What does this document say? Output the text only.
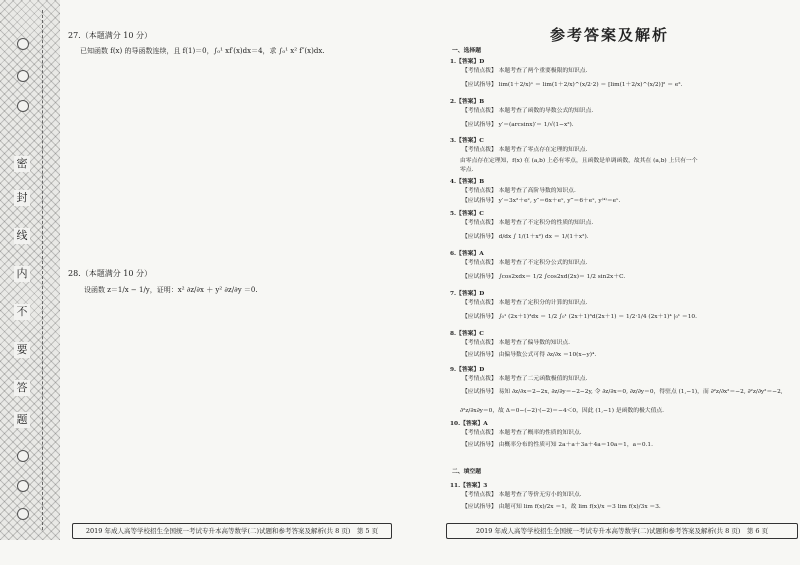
密
封
线
内
不
要
答
题
27.（本题满分 10 分）
已知函数 f(x) 的导函数连续，且 f(1)＝0，∫₀¹ xf′(x)dx＝4，求 ∫₀¹ x² f″(x)dx.
28.（本题满分 10 分）
设函数 z＝1/x − 1/y，证明：x² ∂z/∂x ＋ y² ∂z/∂y ＝0.
2019 年成人高等学校招生全国统一考试专升本高等数学(二)试题和参考答案及解析(共 8 页)　第 5 页
参考答案及解析
一、选择题
1.【答案】D
【考情点拨】 本题考查了两个重要极限的知识点.
【应试指导】 lim(1＋2/x)ˣ ＝ lim(1＋2/x)^(x/2·2) ＝ [lim(1＋2/x)^(x/2)]² ＝ e².
2.【答案】B
【考情点拨】 本题考查了函数的导数公式的知识点.
【应试指导】 y′＝(arcsinx)′＝ 1/√(1−x²).
3.【答案】C
【考情点拨】 本题考查了零点存在定理的知识点.
由零点存在定理知，f(x) 在 (a,b) 上必有零点，且函数是单调函数，故其在 (a,b) 上只有一个
零点.
4.【答案】B
【考情点拨】 本题考查了高阶导数的知识点.
【应试指导】 y′＝3x²＋eˣ, y″＝6x＋eˣ, y‴＝6＋eˣ, y⁽⁴⁾＝eˣ.
5.【答案】C
【考情点拨】 本题考查了不定积分的性质的知识点.
【应试指导】 d/dx ∫ 1/(1＋x²) dx ＝ 1/(1＋x²).
6.【答案】A
【考情点拨】 本题考查了不定积分公式的知识点.
【应试指导】 ∫cos2xdx＝ 1/2 ∫cos2xd(2x)＝ 1/2 sin2x＋C.
7.【答案】D
【考情点拨】 本题考查了定积分的计算的知识点.
【应试指导】 ∫₀¹ (2x＋1)³dx ＝ 1/2 ∫₀¹ (2x＋1)³d(2x＋1) ＝ 1/2·1/4 (2x＋1)⁴ |₀¹ ＝10.
8.【答案】C
【考情点拨】 本题考查了偏导数的知识点.
【应试指导】 由偏导数公式可得 ∂z/∂x ＝10(x−y)⁴.
9.【答案】D
【考情点拨】 本题考查了二元函数极值的知识点.
【应试指导】 易知 ∂z/∂x＝2−2x, ∂z/∂y＝−2−2y, 令 ∂z/∂x＝0, ∂z/∂y＝0，得驻点 (1,−1)，而 ∂²z/∂x²＝−2, ∂²z/∂y²＝−2,
∂²z/∂x∂y＝0，故 Δ＝0−(−2)·(−2)＝−4＜0，因此 (1,−1) 是函数的极大值点.
10.【答案】A
【考情点拨】 本题考查了概率的性质的知识点.
【应试指导】 由概率分布的性质可知 2a＋a＋3a＋4a＝10a＝1，a＝0.1.
11.【答案】3
【考情点拨】 本题考查了等价无穷小的知识点.
【应试指导】 由题可知 lim f(x)/2x ＝1，故 lim f(x)/x ＝3 lim f(x)/3x ＝3.
二、填空题
2019 年成人高等学校招生全国统一考试专升本高等数学(二)试题和参考答案及解析(共 8 页)　第 6 页
